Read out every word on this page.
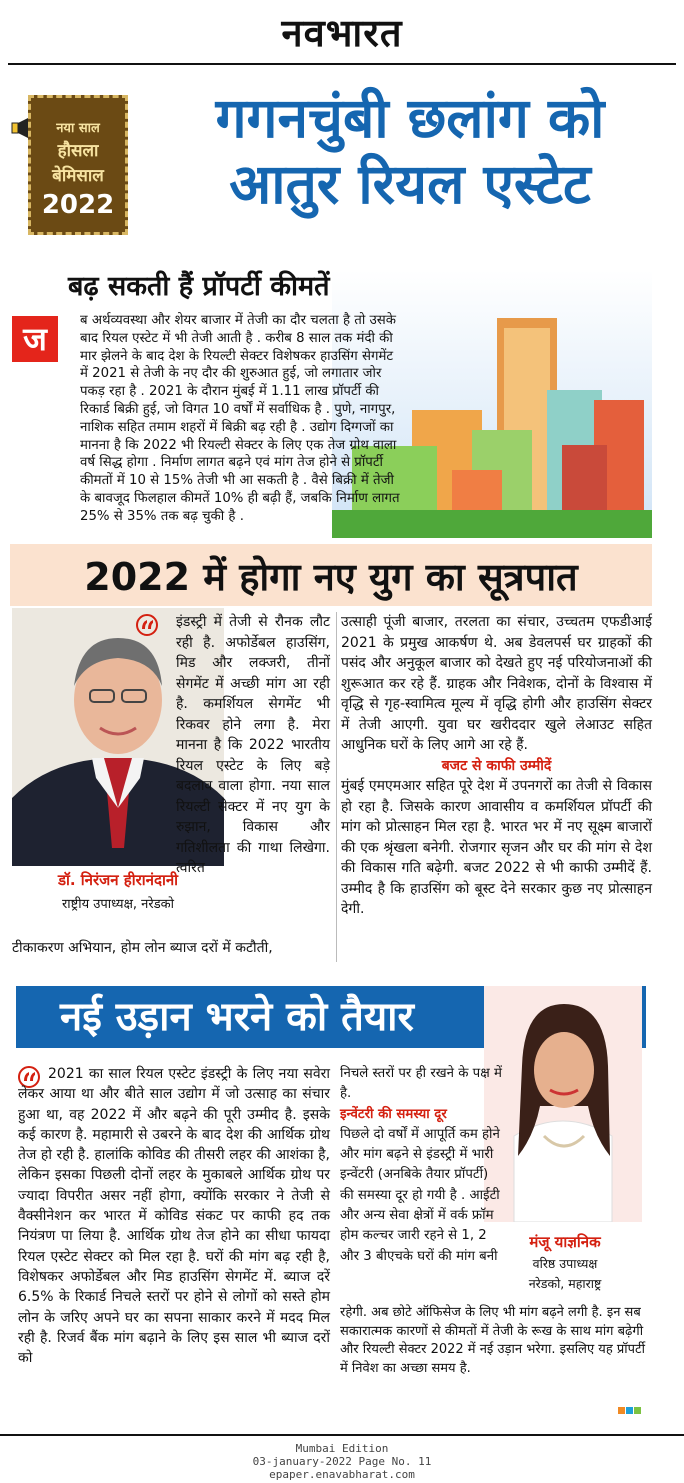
नवभारत
नया साल
हौसला
बेमिसाल
2022
गगनचुंबी छलांग को
आतुर रियल एस्टेट
बढ़ सकती हैं प्रॉपर्टी कीमतें
ज	ब अर्थव्यवस्था और शेयर बाजार में तेजी का दौर चलता है तो उसके बाद रियल एस्टेट में भी तेजी आती है . करीब 8 साल तक मंदी की मार झेलने के बाद देश के रियल्टी सेक्टर विशेषकर हाउसिंग सेगमेंट में 2021 से तेजी के नए दौर की शुरुआत हुई, जो लगातार जोर पकड़ रहा है . 2021 के दौरान मुंबई में 1.11 लाख प्रॉपर्टी की रिकार्ड बिक्री हुई, जो विगत 10 वर्षों में सर्वाधिक है . पुणे, नागपुर, नाशिक सहित तमाम शहरों में बिक्री बढ़ रही है . उद्योग दिग्गजों का मानना है कि 2022 भी रियल्टी सेक्टर के लिए एक तेज ग्रोथ वाला वर्ष सिद्ध होगा . निर्माण लागत बढ़ने एवं मांग तेज होने से प्रॉपर्टी कीमतों में 10 से 15% तेजी भी आ सकती है . वैसे बिक्री में तेजी के बावजूद फिलहाल कीमतें 10% ही बढ़ी हैं, जबकि निर्माण लागत 25% से 35% तक बढ़ चुकी है .
2022 में होगा नए युग का सूत्रपात
डॉ. निरंजन हीरानंदानी
राष्ट्रीय उपाध्यक्ष, नरेडको
इंडस्ट्री में तेजी से रौनक लौट रही है. अफोर्डेबल हाउसिंग, मिड और लक्जरी, तीनों सेगमेंट में अच्छी मांग आ रही है. कमर्शियल सेगमेंट भी रिकवर होने लगा है. मेरा मानना है कि 2022 भारतीय रियल एस्टेट के लिए बड़े बदलाव वाला होगा. नया साल रियल्टी सेक्टर में नए युग के रुझान, विकास और गतिशीलता की गाथा लिखेगा. त्वरित
टीकाकरण अभियान, होम लोन ब्याज दरों में कटौती,
उत्साही पूंजी बाजार, तरलता का संचार, उच्चतम एफडीआई 2021 के प्रमुख आकर्षण थे. अब डेवलपर्स घर ग्राहकों की पसंद और अनुकूल बाजार को देखते हुए नई परियोजनाओं की शुरूआत कर रहे हैं. ग्राहक और निवेशक, दोनों के विश्वास में वृद्धि से गृह-स्वामित्व मूल्य में वृद्धि होगी और हाउसिंग सेक्टर में तेजी आएगी. युवा घर खरीददार खुले लेआउट सहित आधुनिक घरों के लिए आगे आ रहे हैं.
बजट से काफी उम्मीदें
मुंबई एमएमआर सहित पूरे देश में उपनगरों का तेजी से विकास हो रहा है. जिसके कारण आवासीय व कमर्शियल प्रॉपर्टी की मांग को प्रोत्साहन मिल रहा है. भारत भर में नए सूक्ष्म बाजारों की एक श्रृंखला बनेगी. रोजगार सृजन और घर की मांग से देश की विकास गति बढ़ेगी. बजट 2022 से भी काफी उम्मीदें हैं. उम्मीद है कि हाउसिंग को बूस्ट देने सरकार कुछ नए प्रोत्साहन देगी.
नई उड़ान भरने को तैयार
मंजू याज्ञनिक
वरिष्ठ उपाध्यक्ष
नरेडको, महाराष्ट्र
2021 का साल रियल एस्टेट इंडस्ट्री के लिए नया सवेरा लेकर आया था और बीते साल उद्योग में जो उत्साह का संचार हुआ था, वह 2022 में और बढ़ने की पूरी उम्मीद है. इसके कई कारण है. महामारी से उबरने के बाद देश की आर्थिक ग्रोथ तेज हो रही है. हालांकि कोविड की तीसरी लहर की आशंका है, लेकिन इसका पिछली दोनों लहर के मुकाबले आर्थिक ग्रोथ पर ज्यादा विपरीत असर नहीं होगा, क्योंकि सरकार ने तेजी से वैक्सीनेशन कर भारत में कोविड संकट पर काफी हद तक नियंत्रण पा लिया है. आर्थिक ग्रोथ तेज होने का सीधा फायदा रियल एस्टेट सेक्टर को मिल रहा है. घरों की मांग बढ़ रही है, विशेषकर अफोर्डेबल और मिड हाउसिंग सेगमेंट में. ब्याज दरें 6.5% के रिकार्ड निचले स्तरों पर होने से लोगों को सस्ते होम लोन के जरिए अपने घर का सपना साकार करने में मदद मिल रही है. रिजर्व बैंक मांग बढ़ाने के लिए इस साल भी ब्याज दरों को
निचले स्तरों पर ही रखने के पक्ष में है.
इन्वेंटरी की समस्या दूर
पिछले दो वर्षों में आपूर्ति कम होने और मांग बढ़ने से इंडस्ट्री में भारी इन्वेंटरी (अनबिके तैयार प्रॉपर्टी) की समस्या दूर हो गयी है . आईटी और अन्य सेवा क्षेत्रों में वर्क फ्रॉम होम कल्चर जारी रहने से 1, 2 और 3 बीएचके घरों की मांग बनी
रहेगी. अब छोटे ऑफिसेज के लिए भी मांग बढ़ने लगी है. इन सब सकारात्मक कारणों से कीमतों में तेजी के रूख के साथ मांग बढ़ेगी और रियल्टी सेक्टर 2022 में नई उड़ान भरेगा. इसलिए यह प्रॉपर्टी में निवेश का अच्छा समय है.
Mumbai Edition
03-january-2022 Page No. 11
epaper.enavabharat.com
